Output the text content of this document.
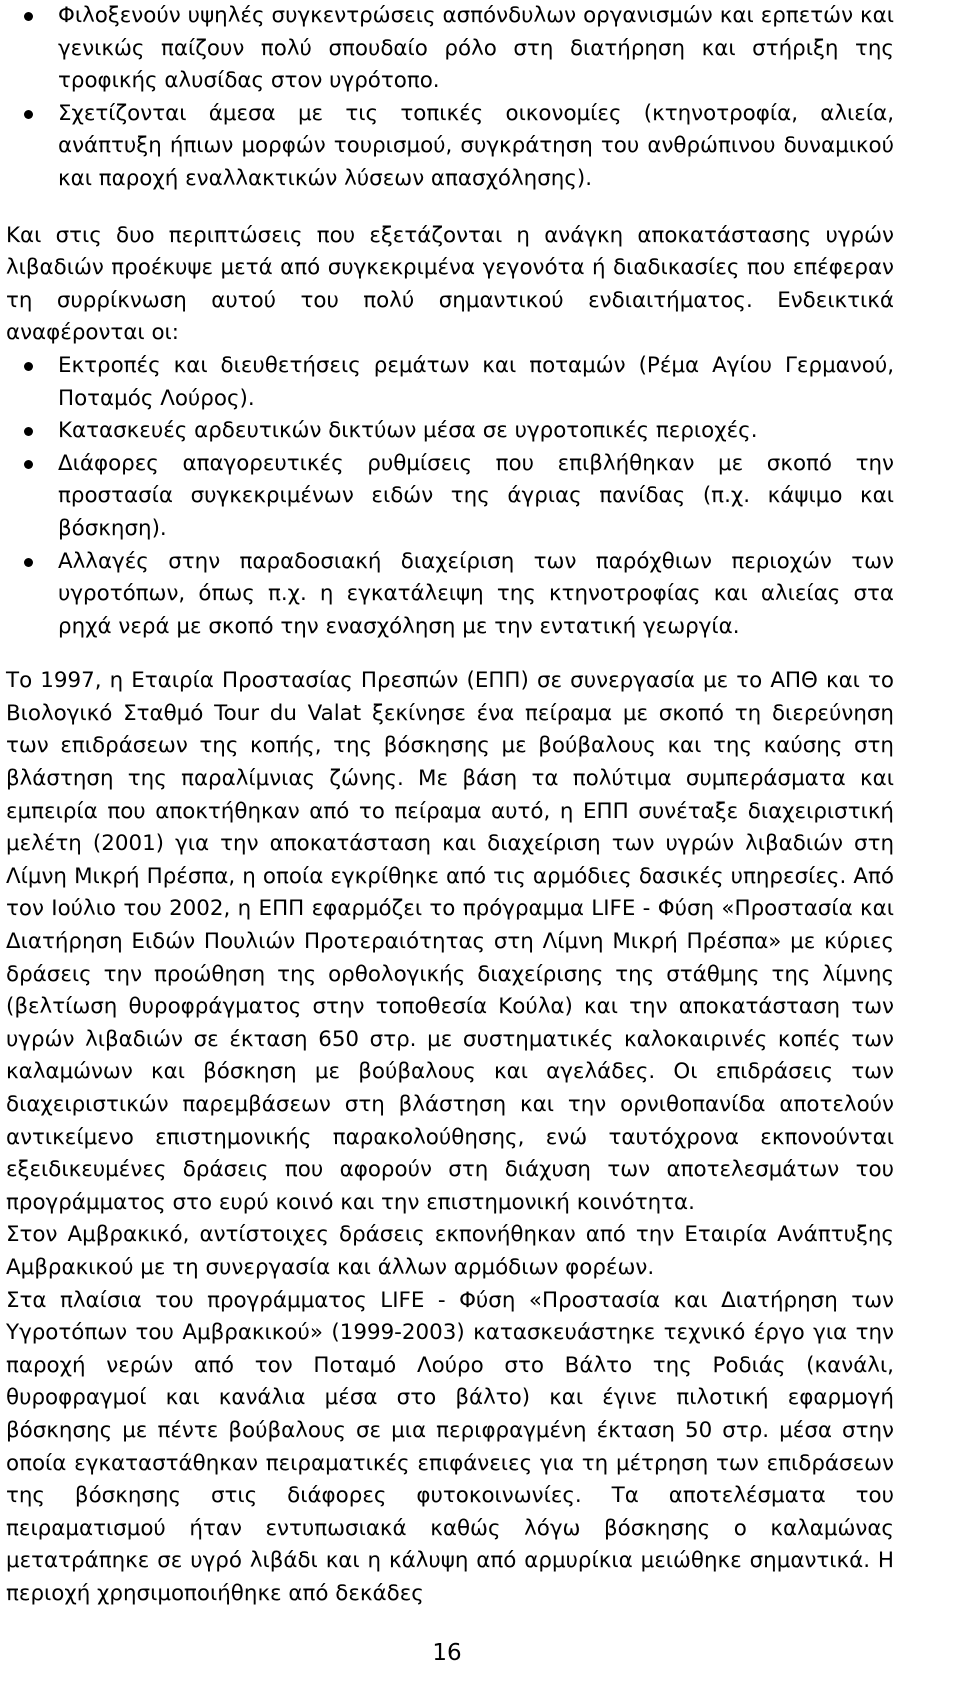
Φιλοξενούν υψηλές συγκεντρώσεις ασπόνδυλων οργανισμών και ερπετών και γενικώς παίζουν πολύ σπουδαίο ρόλο στη διατήρηση και στήριξη της τροφικής αλυσίδας στον υγρότοπο.
Σχετίζονται άμεσα με τις τοπικές οικονομίες (κτηνοτροφία, αλιεία, ανάπτυξη ήπιων μορφών τουρισμού, συγκράτηση του ανθρώπινου δυναμικού και παροχή εναλλακτικών λύσεων απασχόλησης).

Και στις δυο περιπτώσεις που εξετάζονται η ανάγκη αποκατάστασης υγρών λιβαδιών προέκυψε μετά από συγκεκριμένα γεγονότα ή διαδικασίες που επέφεραν τη συρρίκνωση αυτού του πολύ σημαντικού ενδιαιτήματος. Ενδεικτικά αναφέρονται οι:

Εκτροπές και διευθετήσεις ρεμάτων και ποταμών (Ρέμα Αγίου Γερμανού, Ποταμός Λούρος).
Κατασκευές αρδευτικών δικτύων μέσα σε υγροτοπικές περιοχές.
Διάφορες απαγορευτικές ρυθμίσεις που επιβλήθηκαν με σκοπό την προστασία συγκεκριμένων ειδών της άγριας πανίδας (π.χ. κάψιμο και βόσκηση).
Αλλαγές στην παραδοσιακή διαχείριση των παρόχθιων περιοχών των υγροτόπων, όπως π.χ. η εγκατάλειψη της κτηνοτροφίας και αλιείας στα ρηχά νερά με σκοπό την ενασχόληση με την εντατική γεωργία.

Το 1997, η Εταιρία Προστασίας Πρεσπών (ΕΠΠ) σε συνεργασία με το ΑΠΘ και το Βιολογικό Σταθμό Tour du Valat ξεκίνησε ένα πείραμα με σκοπό τη διερεύνηση των επιδράσεων της κοπής, της βόσκησης με βούβαλους και της καύσης στη βλάστηση της παραλίμνιας ζώνης. Με βάση τα πολύτιμα συμπεράσματα και εμπειρία που αποκτήθηκαν από το πείραμα αυτό, η ΕΠΠ συνέταξε διαχειριστική μελέτη (2001) για την αποκατάσταση και διαχείριση των υγρών λιβαδιών στη Λίμνη Μικρή Πρέσπα, η οποία εγκρίθηκε από τις αρμόδιες δασικές υπηρεσίες. Από τον Ιούλιο του 2002, η ΕΠΠ εφαρμόζει το πρόγραμμα LIFE - Φύση «Προστασία και Διατήρηση Ειδών Πουλιών Προτεραιότητας στη Λίμνη Μικρή Πρέσπα» με κύριες δράσεις την προώθηση της ορθολογικής διαχείρισης της στάθμης της λίμνης (βελτίωση θυροφράγματος στην τοποθεσία Κούλα) και την αποκατάσταση των υγρών λιβαδιών σε έκταση 650 στρ. με συστηματικές καλοκαιρινές κοπές των καλαμώνων και βόσκηση με βούβαλους και αγελάδες. Οι επιδράσεις των διαχειριστικών παρεμβάσεων στη βλάστηση και την ορνιθοπανίδα αποτελούν αντικείμενο επιστημονικής παρακολούθησης, ενώ ταυτόχρονα εκπονούνται εξειδικευμένες δράσεις που αφορούν στη διάχυση των αποτελεσμάτων του προγράμματος στο ευρύ κοινό και την επιστημονική κοινότητα.

Στον Αμβρακικό, αντίστοιχες δράσεις εκπονήθηκαν από την Εταιρία Ανάπτυξης Αμβρακικού με τη συνεργασία και άλλων αρμόδιων φορέων.

Στα πλαίσια του προγράμματος LIFE - Φύση «Προστασία και Διατήρηση των Υγροτόπων του Αμβρακικού» (1999-2003) κατασκευάστηκε τεχνικό έργο για την παροχή νερών από τον Ποταμό Λούρο στο Βάλτο της Ροδιάς (κανάλι, θυροφραγμοί και κανάλια μέσα στο βάλτο) και έγινε πιλοτική εφαρμογή βόσκησης με πέντε βούβαλους σε μια περιφραγμένη έκταση 50 στρ. μέσα στην οποία εγκαταστάθηκαν πειραματικές επιφάνειες για τη μέτρηση των επιδράσεων της βόσκησης στις διάφορες φυτοκοινωνίες. Τα αποτελέσματα του πειραματισμού ήταν εντυπωσιακά καθώς λόγω βόσκησης ο καλαμώνας μετατράπηκε σε υγρό λιβάδι και η κάλυψη από αρμυρίκια μειώθηκε σημαντικά. Η περιοχή χρησιμοποιήθηκε από δεκάδες

16
